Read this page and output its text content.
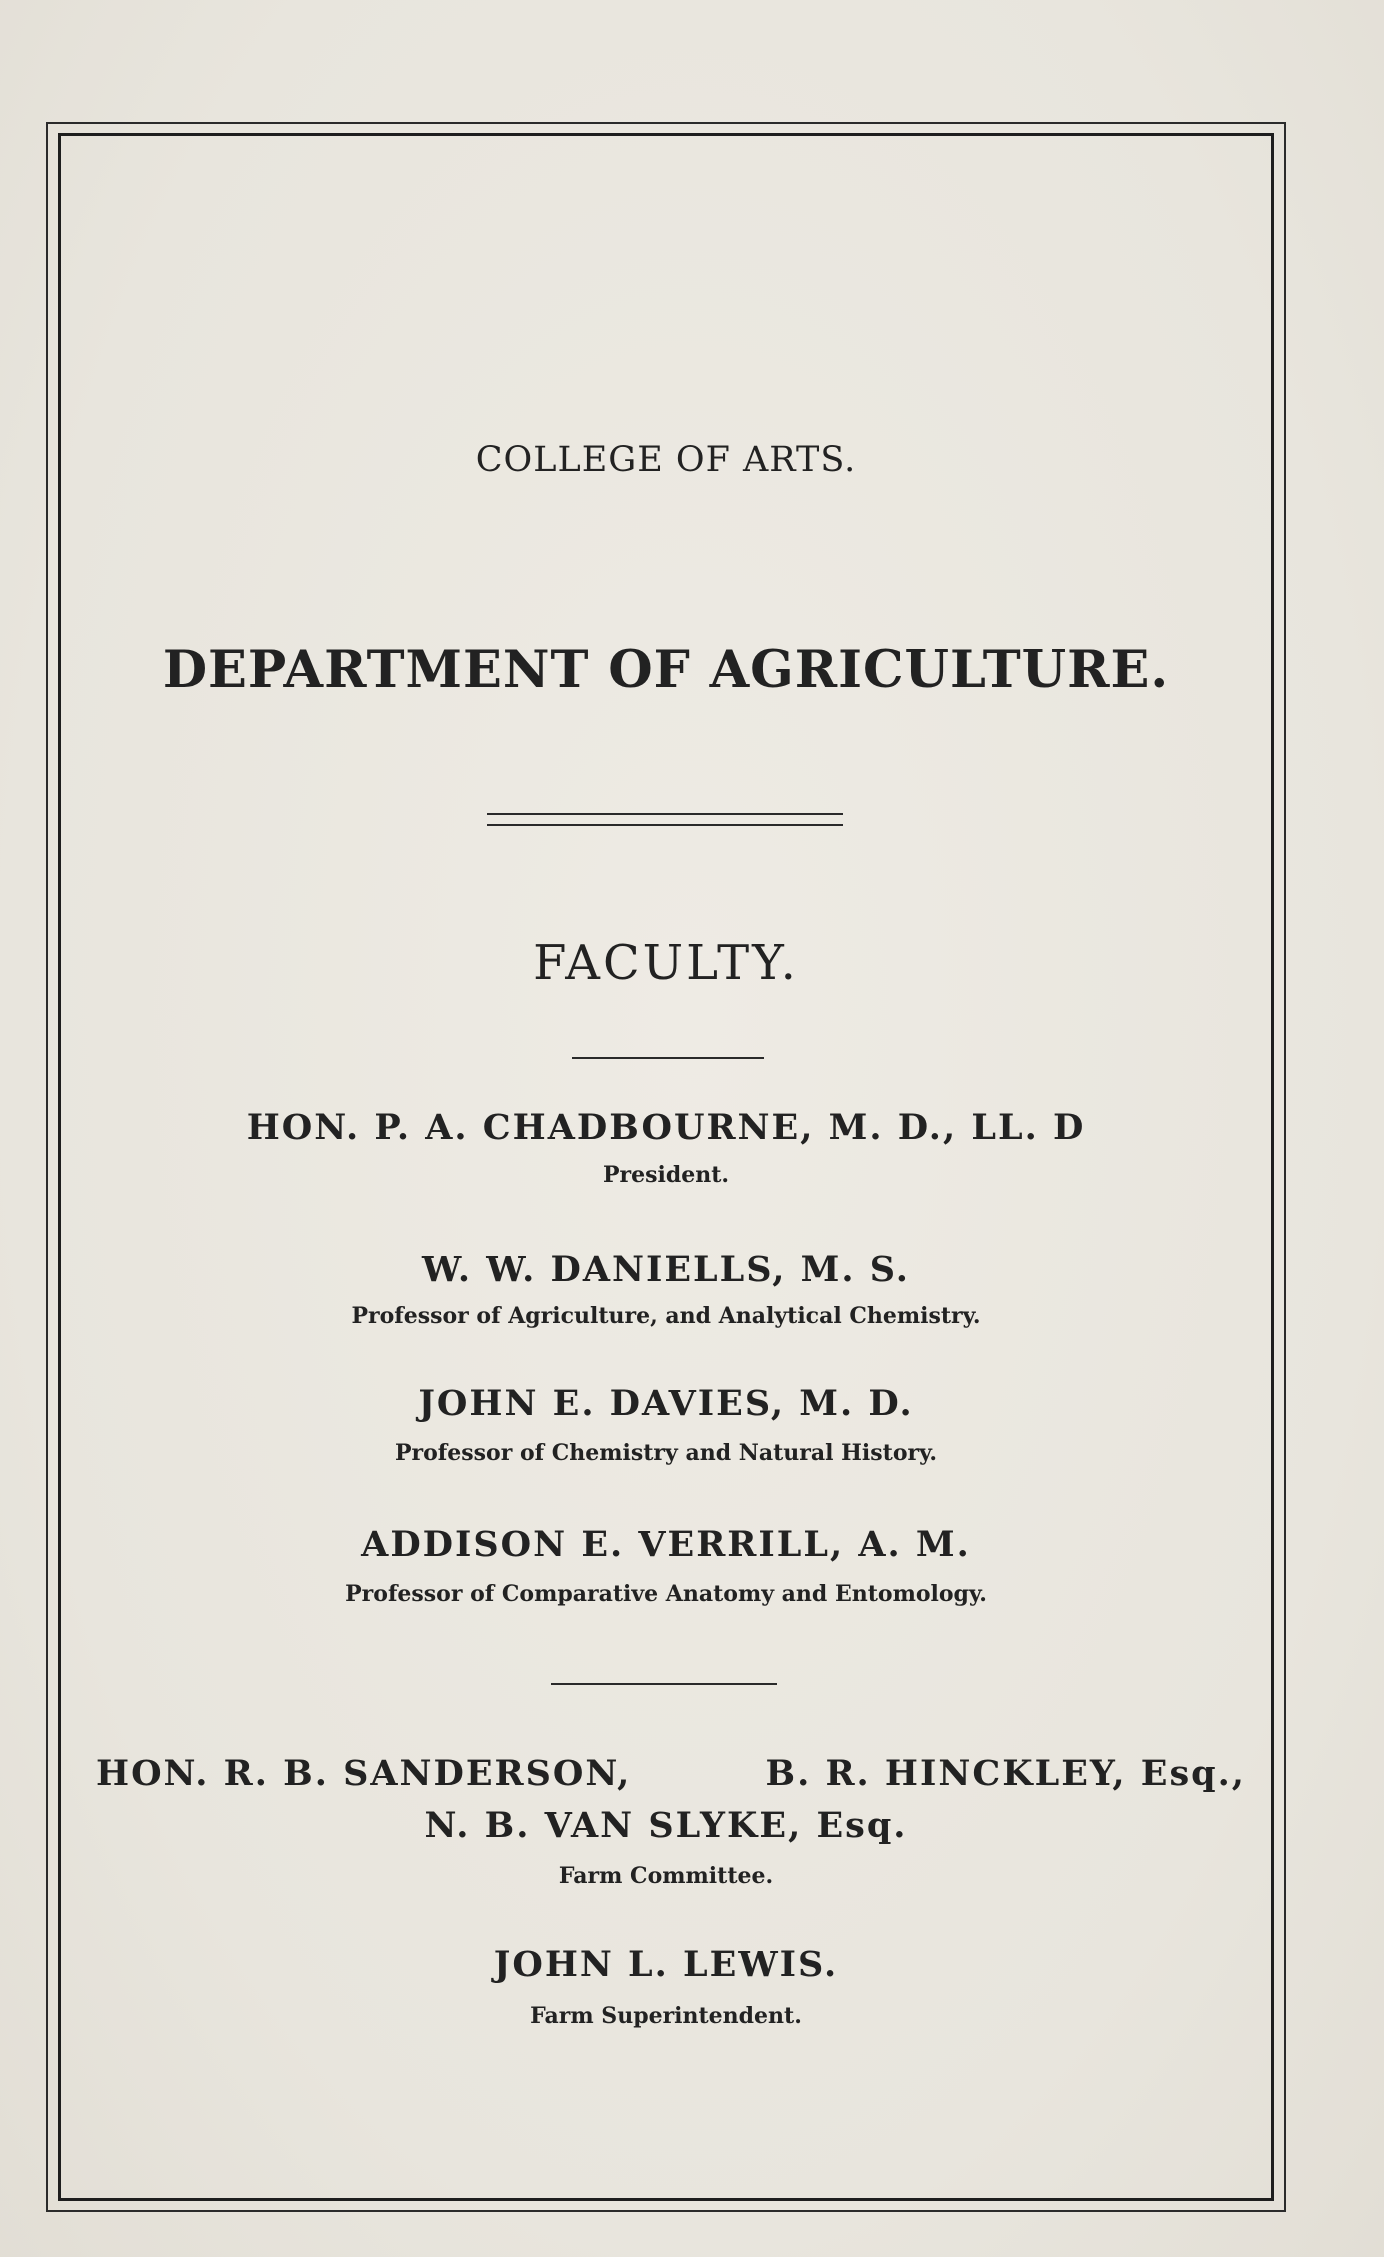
COLLEGE OF ARTS.
DEPARTMENT OF AGRICULTURE.
FACULTY.
HON. P. A. CHADBOURNE, M. D., LL. D
President.
W. W. DANIELLS, M. S.
Professor of Agriculture, and Analytical Chemistry.
JOHN E. DAVIES, M. D.
Professor of Chemistry and Natural History.
ADDISON E. VERRILL, A. M.
Professor of Comparative Anatomy and Entomology.
HON. R. B. SANDERSON,	B. R. HINCKLEY, Esq.,
N. B. VAN SLYKE, Esq.
Farm Committee.
JOHN L. LEWIS.
Farm Superintendent.
